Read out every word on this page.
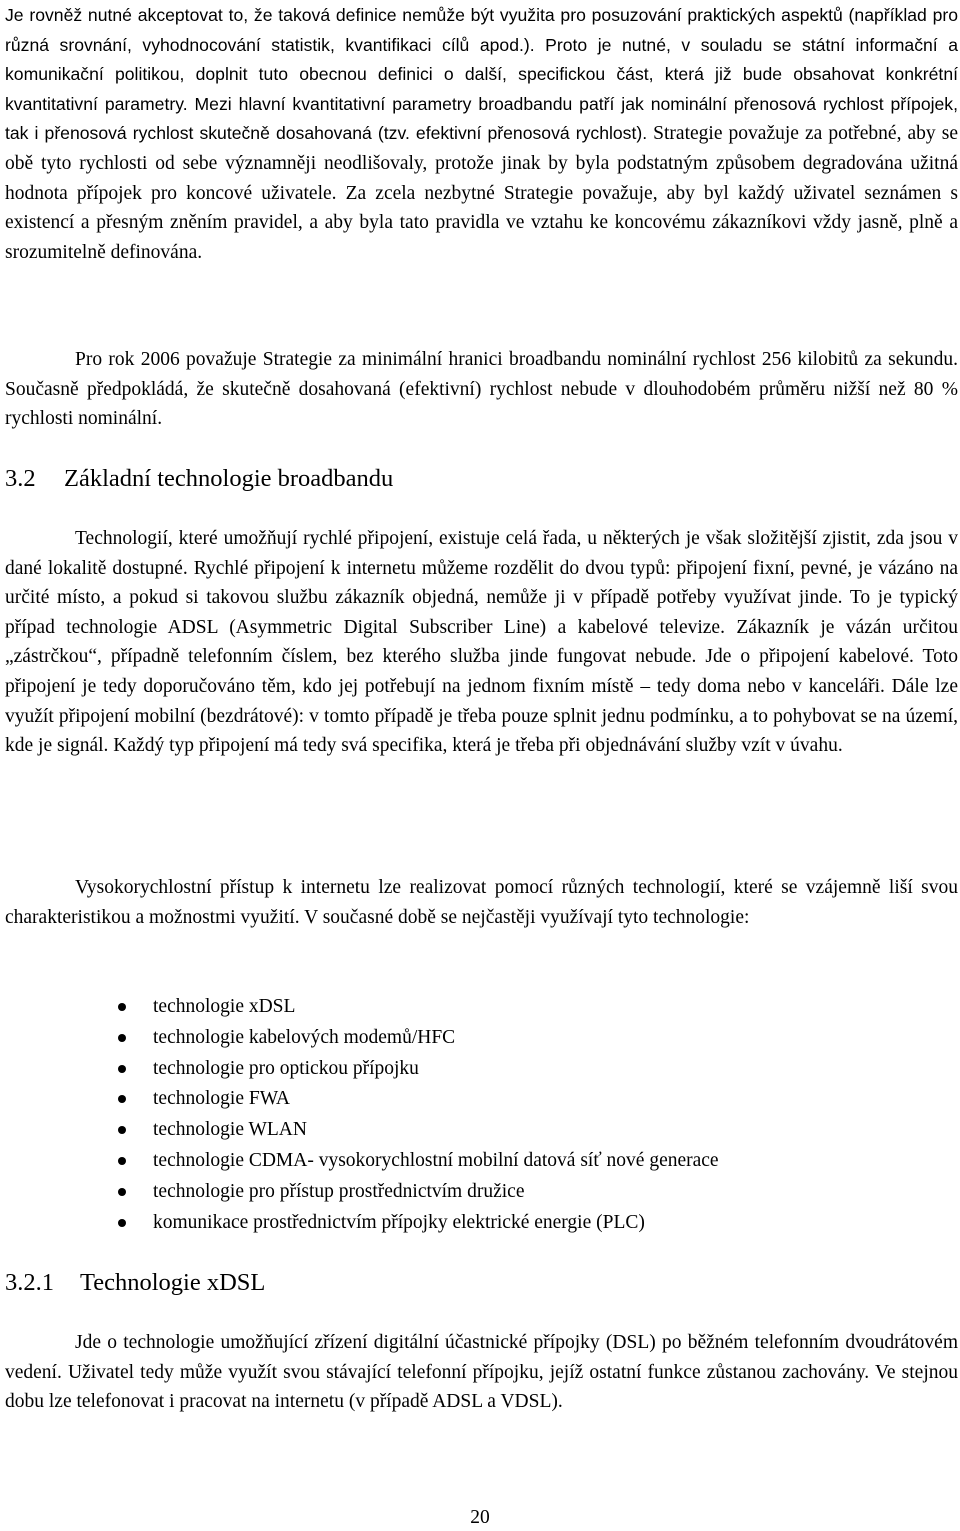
Je rovněž nutné akceptovat to, že taková definice nemůže být využita pro posuzování praktických aspektů (například pro různá srovnání, vyhodnocování statistik, kvantifikaci cílů apod.). Proto je nutné, v souladu se státní informační a komunikační politikou, doplnit tuto obecnou definici o další, specifickou část, která již bude obsahovat konkrétní kvantitativní parametry. Mezi hlavní kvantitativní parametry broadbandu patří jak nominální přenosová rychlost přípojek, tak i přenosová rychlost skutečně dosahovaná (tzv. efektivní přenosová rychlost). Strategie považuje za potřebné, aby se obě tyto rychlosti od sebe významněji neodlišovaly, protože jinak by byla podstatným způsobem degradována užitná hodnota přípojek pro koncové uživatele. Za zcela nezbytné Strategie považuje, aby byl každý uživatel seznámen s existencí a přesným zněním pravidel, a aby byla tato pravidla ve vztahu ke koncovému zákazníkovi vždy jasně, plně a srozumitelně definována.

Pro rok 2006 považuje Strategie za minimální hranici broadbandu nominální rychlost 256 kilobitů za sekundu. Současně předpokládá, že skutečně dosahovaná (efektivní) rychlost nebude v dlouhodobém průměru nižší než 80 % rychlosti nominální.

3.2 Základní technologie broadbandu

Technologií, které umožňují rychlé připojení, existuje celá řada, u některých je však složitější zjistit, zda jsou v dané lokalitě dostupné. Rychlé připojení k internetu můžeme rozdělit do dvou typů: připojení fixní, pevné, je vázáno na určité místo, a pokud si takovou službu zákazník objedná, nemůže ji v případě potřeby využívat jinde. To je typický případ technologie ADSL (Asymmetric Digital Subscriber Line) a kabelové televize. Zákazník je vázán určitou „zástrčkou“, případně telefonním číslem, bez kterého služba jinde fungovat nebude. Jde o připojení kabelové. Toto připojení je tedy doporučováno těm, kdo jej potřebují na jednom fixním místě – tedy doma nebo v kanceláři. Dále lze využít připojení mobilní (bezdrátové): v tomto případě je třeba pouze splnit jednu podmínku, a to pohybovat se na území, kde je signál. Každý typ připojení má tedy svá specifika, která je třeba při objednávání služby vzít v úvahu.

Vysokorychlostní přístup k internetu lze realizovat pomocí různých technologií, které se vzájemně liší svou charakteristikou a možnostmi využití. V současné době se nejčastěji využívají tyto technologie:

technologie xDSL
technologie kabelových modemů/HFC
technologie pro optickou přípojku
technologie FWA
technologie WLAN
technologie CDMA- vysokorychlostní mobilní datová síť nové generace
technologie pro přístup prostřednictvím družice
komunikace prostřednictvím přípojky elektrické energie (PLC)
3.2.1 Technologie xDSL

Jde o technologie umožňující zřízení digitální účastnické přípojky (DSL) po běžném telefonním dvoudrátovém vedení. Uživatel tedy může využít svou stávající telefonní přípojku, jejíž ostatní funkce zůstanou zachovány. Ve stejnou dobu lze telefonovat i pracovat na internetu (v případě ADSL a VDSL).

20
